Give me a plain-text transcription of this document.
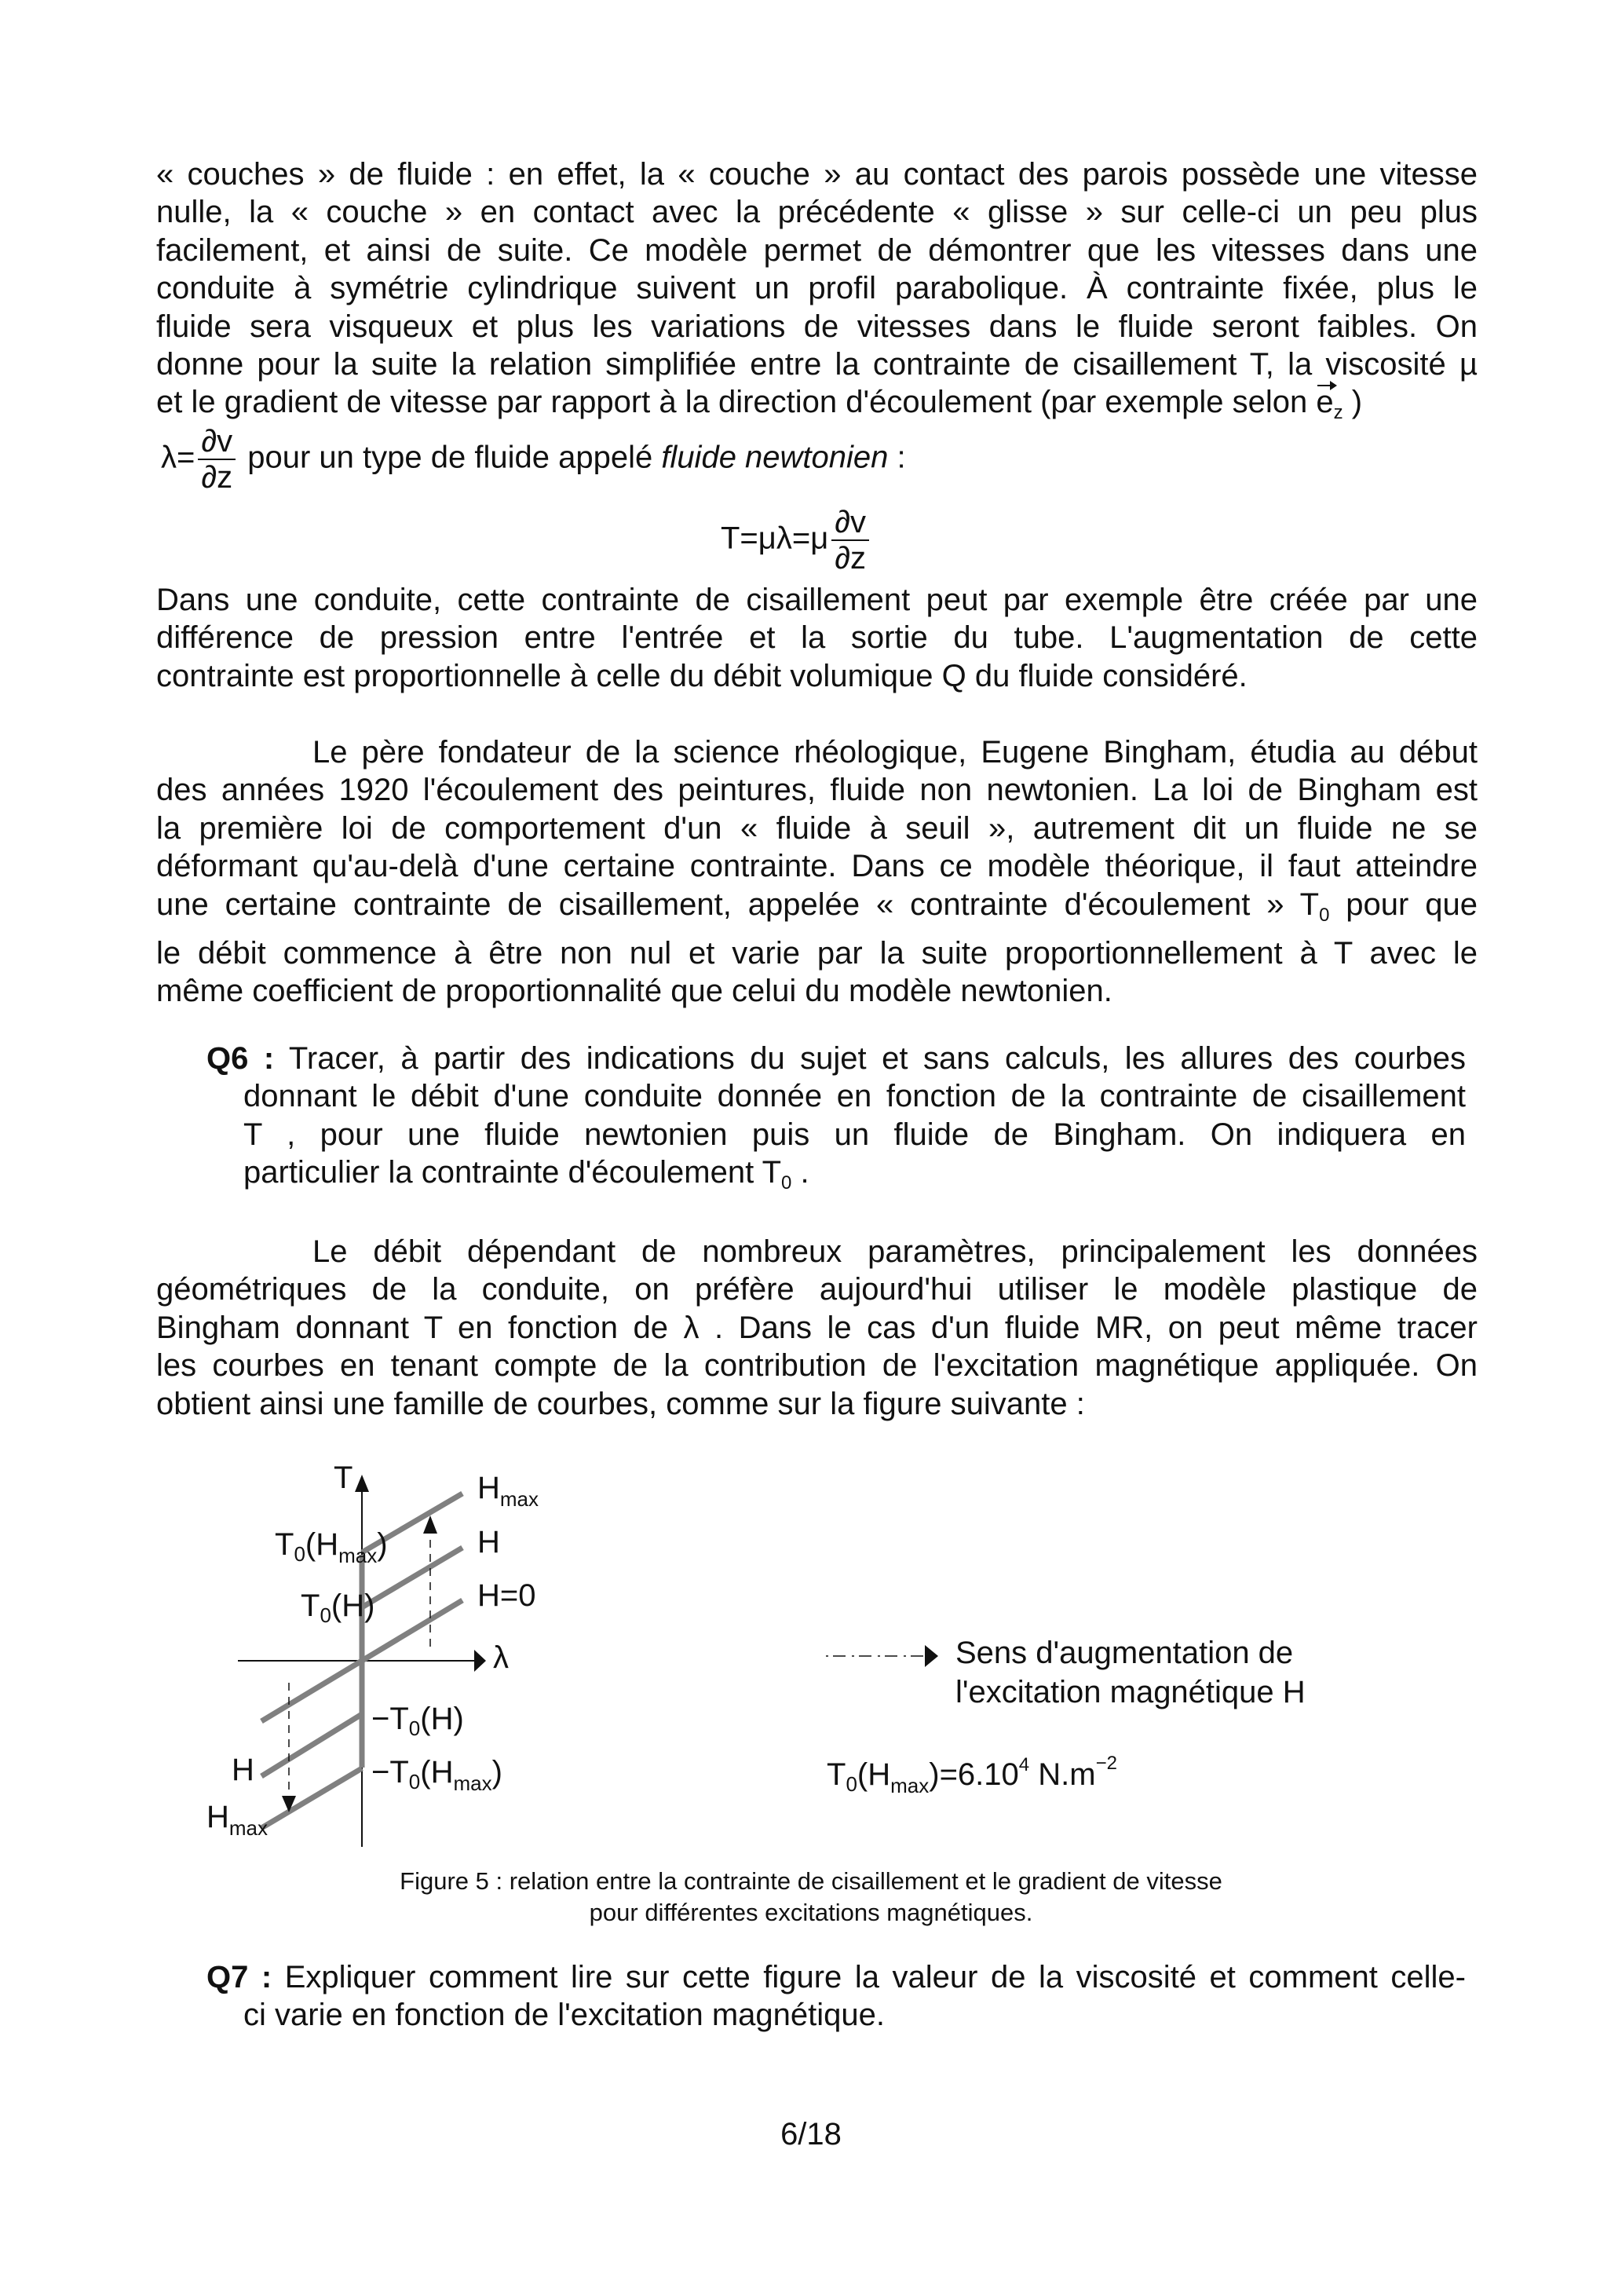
« couches » de fluide : en effet, la « couche » au contact des parois possède une vitesse
nulle, la « couche » en contact avec la précédente « glisse » sur celle-ci un peu plus
facilement, et ainsi de suite. Ce modèle permet de démontrer que les vitesses dans une
conduite à symétrie cylindrique suivent un profil parabolique. À contrainte fixée, plus le
fluide sera visqueux et plus les variations de vitesses dans le fluide seront faibles. On
donne pour la suite la relation simplifiée entre la contrainte de cisaillement T, la viscosité µ
et le gradient de vitesse par rapport à la direction d'écoulement (par exemple selon $e_z$ )
$\lambda= \frac{\partial v}{\partial z}$ pour un type de fluide appelé fluide newtonien :
$T=\mu\lambda=\mu \frac{\partial v}{\partial z}$
Dans une conduite, cette contrainte de cisaillement peut par exemple être créée par une
différence de pression entre l'entrée et la sortie du tube. L'augmentation de cette
contrainte est proportionnelle à celle du débit volumique Q du fluide considéré.
Le père fondateur de la science rhéologique, Eugene Bingham, étudia au début
des années 1920 l'écoulement des peintures, fluide non newtonien. La loi de Bingham est
la première loi de comportement d'un « fluide à seuil », autrement dit un fluide ne se
déformant qu'au-delà d'une certaine contrainte. Dans ce modèle théorique, il faut atteindre
une certaine contrainte de cisaillement, appelée « contrainte d'écoulement » $T_0$ pour que
le débit commence à être non nul et varie par la suite proportionnellement à T avec le
même coefficient de proportionnalité que celui du modèle newtonien.
Q6 : Tracer, à partir des indications du sujet et sans calculs, les allures des courbes
donnant le débit d'une conduite donnée en fonction de la contrainte de cisaillement
T , pour une fluide newtonien puis un fluide de Bingham. On indiquera en
particulier la contrainte d'écoulement $T_0$ .
Le débit dépendant de nombreux paramètres, principalement les données
géométriques de la conduite, on préfère aujourd'hui utiliser le modèle plastique de
Bingham donnant T en fonction de λ . Dans le cas d'un fluide MR, on peut même tracer
les courbes en tenant compte de la contribution de l'excitation magnétique appliquée. On
obtient ainsi une famille de courbes, comme sur la figure suivante :
T
λ
$H_{max}$
H
H=0
$T_0(H_{max})$
$T_0(H)$
$-T_0(H)$
$-T_0(H_{max})$
H
$H_{max}$
Sens d'augmentation de
l'excitation magnétique H
$T_0(H_{max})=6.10^4$ $N.m^{-2}$
Figure 5 : relation entre la contrainte de cisaillement et le gradient de vitesse
pour différentes excitations magnétiques.
Q7 : Expliquer comment lire sur cette figure la valeur de la viscosité et comment celle-
ci varie en fonction de l'excitation magnétique.
6/18
